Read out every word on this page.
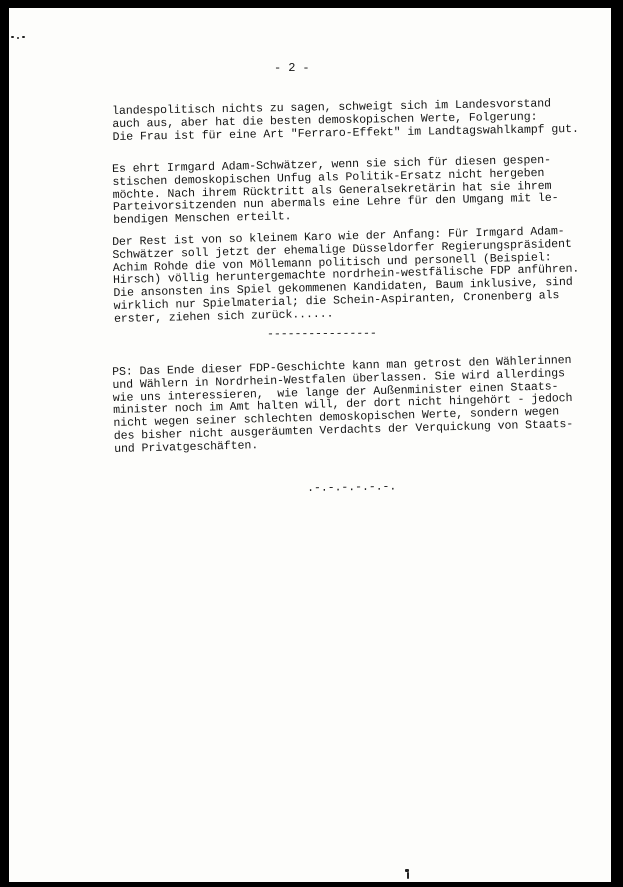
- 2 -
landespolitisch nichts zu sagen, schweigt sich im Landesvorstand
auch aus, aber hat die besten demoskopischen Werte, Folgerung:
Die Frau ist für eine Art "Ferraro-Effekt" im Landtagswahlkampf gut.
Es ehrt Irmgard Adam-Schwätzer, wenn sie sich für diesen gespen-
stischen demoskopischen Unfug als Politik-Ersatz nicht hergeben
möchte. Nach ihrem Rücktritt als Generalsekretärin hat sie ihrem
Parteivorsitzenden nun abermals eine Lehre für den Umgang mit le-
bendigen Menschen erteilt.
Der Rest ist von so kleinem Karo wie der Anfang: Für Irmgard Adam-
Schwätzer soll jetzt der ehemalige Düsseldorfer Regierungspräsident
Achim Rohde die von Möllemann politisch und personell (Beispiel:
Hirsch) völlig heruntergemachte nordrhein-westfälische FDP anführen.
Die ansonsten ins Spiel gekommenen Kandidaten, Baum inklusive, sind
wirklich nur Spielmaterial; die Schein-Aspiranten, Cronenberg als
erster, ziehen sich zurück......
----------------
PS: Das Ende dieser FDP-Geschichte kann man getrost den Wählerinnen
und Wählern in Nordrhein-Westfalen überlassen. Sie wird allerdings
wie uns interessieren,  wie lange der Außenminister einen Staats-
minister noch im Amt halten will, der dort nicht hingehört - jedoch
nicht wegen seiner schlechten demoskopischen Werte, sondern wegen
des bisher nicht ausgeräumten Verdachts der Verquickung von Staats-
und Privatgeschäften.
.-.-.-.-.-.-.
